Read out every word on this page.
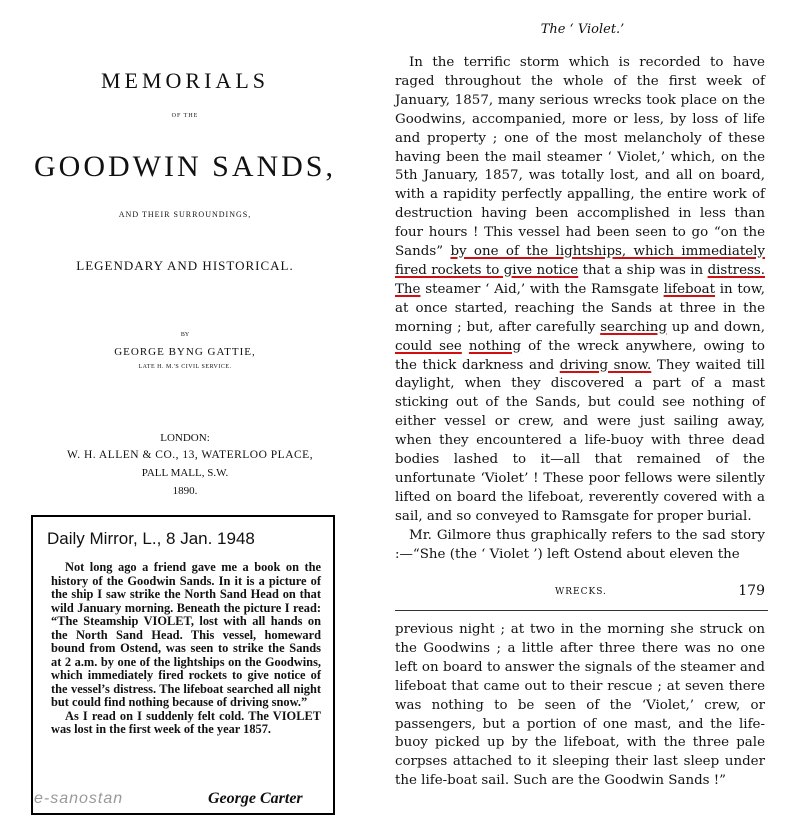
MEMORIALS
OF THE
GOODWIN SANDS,
AND THEIR SURROUNDINGS,
LEGENDARY AND HISTORICAL.
BY
GEORGE BYNG GATTIE,
LATE H. M.'S CIVIL SERVICE.
LONDON:
W. H. ALLEN & CO., 13, WATERLOO PLACE,
PALL MALL, S.W.
1890.
Daily Mirror, L., 8 Jan. 1948

Not long ago a friend gave me a book on the history of the Goodwin Sands. In it is a picture of the ship I saw strike the North Sand Head on that wild January morning. Beneath the picture I read: “The Steamship VIOLET, lost with all hands on the North Sand Head. This vessel, homeward bound from Ostend, was seen to strike the Sands at 2 a.m. by one of the lightships on the Goodwins, which immediately fired rockets to give notice of the vessel’s distress. The lifeboat searched all night but could find nothing because of driving snow.”

As I read on I suddenly felt cold. The VIOLET was lost in the first week of the year 1857.

George Carter
e-sanostan
The ‘ Violet.’

In the terrific storm which is recorded to have raged throughout the whole of the first week of January, 1857, many serious wrecks took place on the Goodwins, accompanied, more or less, by loss of life and property ; one of the most melancholy of these having been the mail steamer ‘ Violet,’ which, on the 5th January, 1857, was totally lost, and all on board, with a rapidity perfectly appalling, the entire work of destruction having been accomplished in less than four hours ! This vessel had been seen to go “on the Sands” by one of the lightships, which immediately fired rockets to give notice that a ship was in distress. The steamer ‘ Aid,’ with the Ramsgate lifeboat in tow, at once started, reaching the Sands at three in the morning ; but, after carefully searching up and down, could see nothing of the wreck anywhere, owing to the thick darkness and driving snow. They waited till daylight, when they discovered a part of a mast sticking out of the Sands, but could see nothing of either vessel or crew, and were just sailing away, when they encountered a life-buoy with three dead bodies lashed to it—all that remained of the unfortunate ‘Violet’ ! These poor fellows were silently lifted on board the lifeboat, reverently covered with a sail, and so conveyed to Ramsgate for proper burial.

Mr. Gilmore thus graphically refers to the sad story :—“She (the ‘ Violet ’) left Ostend about eleven the

WRECKS.	179
previous night ; at two in the morning she struck on the Goodwins ; a little after three there was no one left on board to answer the signals of the steamer and lifeboat that came out to their rescue ; at seven there was nothing to be seen of the ‘Violet,’ crew, or passengers, but a portion of one mast, and the life-buoy picked up by the lifeboat, with the three pale corpses attached to it sleeping their last sleep under the life-boat sail. Such are the Goodwin Sands !”
